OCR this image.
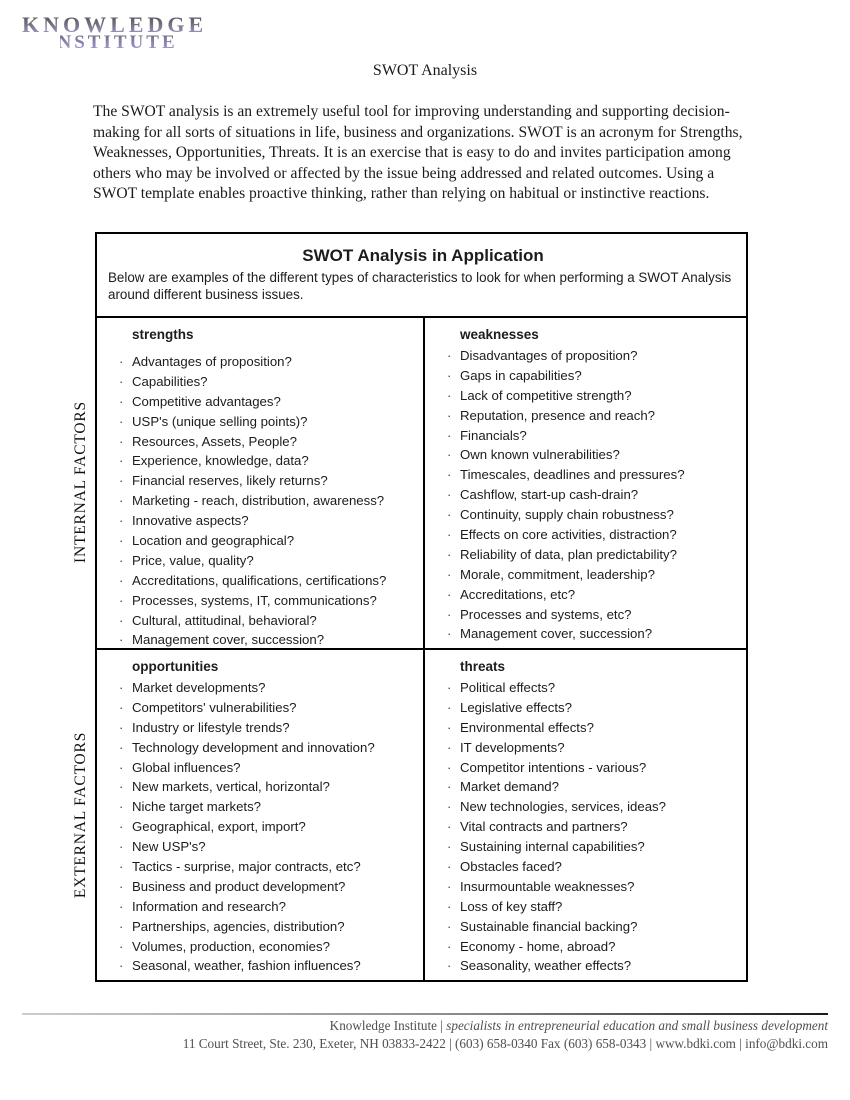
KNOWLEDGE
i NSTITUTE
SWOT Analysis
The SWOT analysis is an extremely useful tool for improving understanding and supporting decision-making for all sorts of situations in life, business and organizations. SWOT is an acronym for Strengths, Weaknesses, Opportunities, Threats. It is an exercise that is easy to do and invites participation among others who may be involved or affected by the issue being addressed and related outcomes. Using a SWOT template enables proactive thinking, rather than relying on habitual or instinctive reactions.
INTERNAL FACTORS
EXTERNAL FACTORS
SWOT Analysis in Application
Below are examples of the different types of characteristics to look for when performing a SWOT Analysis around different business issues.
strengths
· Advantages of proposition?
· Capabilities?
· Competitive advantages?
· USP's (unique selling points)?
· Resources, Assets, People?
· Experience, knowledge, data?
· Financial reserves, likely returns?
· Marketing - reach, distribution, awareness?
· Innovative aspects?
· Location and geographical?
· Price, value, quality?
· Accreditations, qualifications, certifications?
· Processes, systems, IT, communications?
· Cultural, attitudinal, behavioral?
· Management cover, succession?
weaknesses
· Disadvantages of proposition?
· Gaps in capabilities?
· Lack of competitive strength?
· Reputation, presence and reach?
· Financials?
· Own known vulnerabilities?
· Timescales, deadlines and pressures?
· Cashflow, start-up cash-drain?
· Continuity, supply chain robustness?
· Effects on core activities, distraction?
· Reliability of data, plan predictability?
· Morale, commitment, leadership?
· Accreditations, etc?
· Processes and systems, etc?
· Management cover, succession?
opportunities
· Market developments?
· Competitors' vulnerabilities?
· Industry or lifestyle trends?
· Technology development and innovation?
· Global influences?
· New markets, vertical, horizontal?
· Niche target markets?
· Geographical, export, import?
· New USP's?
· Tactics - surprise, major contracts, etc?
· Business and product development?
· Information and research?
· Partnerships, agencies, distribution?
· Volumes, production, economies?
· Seasonal, weather, fashion influences?
threats
· Political effects?
· Legislative effects?
· Environmental effects?
· IT developments?
· Competitor intentions - various?
· Market demand?
· New technologies, services, ideas?
· Vital contracts and partners?
· Sustaining internal capabilities?
· Obstacles faced?
· Insurmountable weaknesses?
· Loss of key staff?
· Sustainable financial backing?
· Economy - home, abroad?
· Seasonality, weather effects?
Knowledge Institute | specialists in entrepreneurial education and small business development
11 Court Street, Ste. 230, Exeter, NH 03833-2422 | (603) 658-0340 Fax (603) 658-0343 | www.bdki.com | info@bdki.com
